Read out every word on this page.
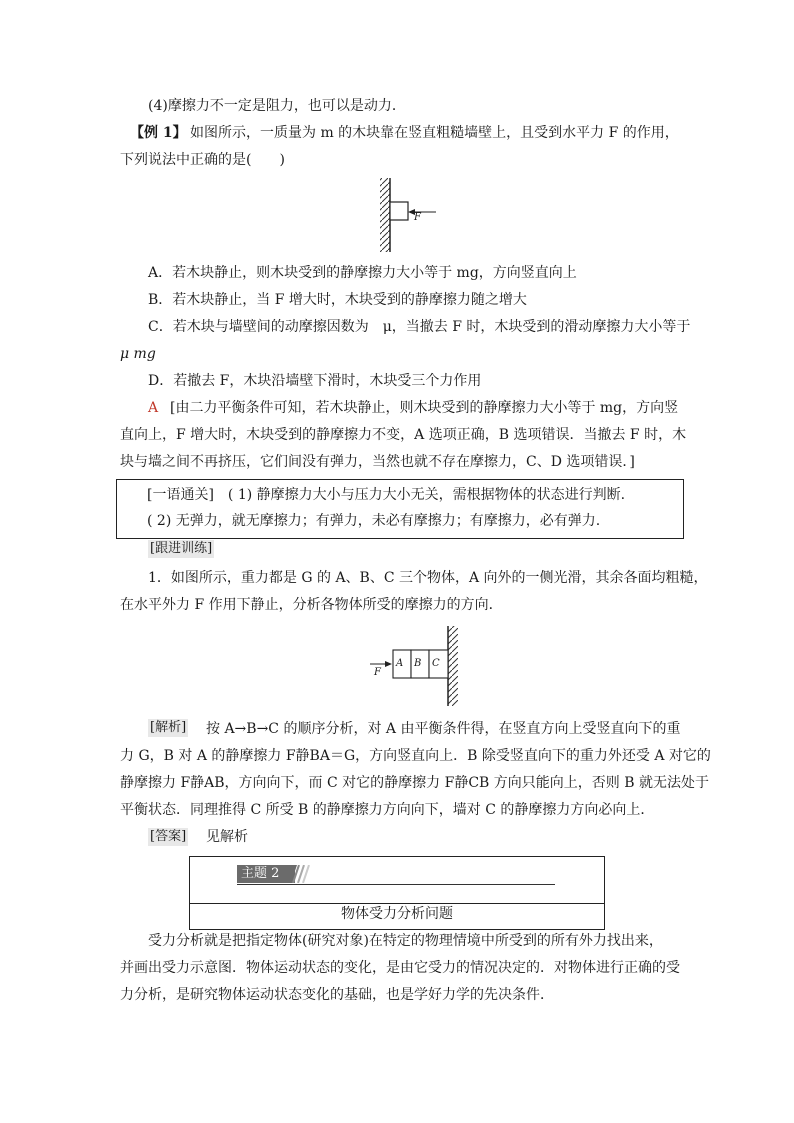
(4)摩擦力不一定是阻力，也可以是动力．
【例 1】 如图所示，一质量为 m 的木块靠在竖直粗糙墙壁上，且受到水平力 F 的作用，
下列说法中正确的是(　　)
F
A．若木块静止，则木块受到的静摩擦力大小等于 mg，方向竖直向上
B．若木块静止，当 F 增大时，木块受到的静摩擦力随之增大
C．若木块与墙壁间的动摩擦因数为　μ，当撤去 F 时，木块受到的滑动摩擦力大小等于
μ mg
D．若撤去 F，木块沿墙壁下滑时，木块受三个力作用
A [由二力平衡条件可知，若木块静止，则木块受到的静摩擦力大小等于 mg，方向竖
直向上，F 增大时，木块受到的静摩擦力不变，A 选项正确，B 选项错误．当撤去 F 时，木
块与墙之间不再挤压，它们间没有弹力，当然也就不存在摩擦力，C、D 选项错误．]
[一语通关]　( 1) 静摩擦力大小与压力大小无关，需根据物体的状态进行判断.
( 2) 无弹力，就无摩擦力；有弹力，未必有摩擦力；有摩擦力，必有弹力.
[跟进训练]
1．如图所示，重力都是 G 的 A、B、C 三个物体，A 向外的一侧光滑，其余各面均粗糙，
在水平外力 F 作用下静止，分析各物体所受的摩擦力的方向．
F
A B C
[解析] 按 A→B→C 的顺序分析，对 A 由平衡条件得，在竖直方向上受竖直向下的重
力 G，B 对 A 的静摩擦力 F静BA＝G，方向竖直向上．B 除受竖直向下的重力外还受 A 对它的
静摩擦力 F静AB，方向向下，而 C 对它的静摩擦力 F静CB 方向只能向上，否则 B 就无法处于
平衡状态．同理推得 C 所受 B 的静摩擦力方向向下，墙对 C 的静摩擦力方向必向上．
[答案] 见解析
主题 2
物体受力分析问题
受力分析就是把指定物体(研究对象)在特定的物理情境中所受到的所有外力找出来，
并画出受力示意图．物体运动状态的变化，是由它受力的情况决定的．对物体进行正确的受
力分析，是研究物体运动状态变化的基础，也是学好力学的先决条件．
